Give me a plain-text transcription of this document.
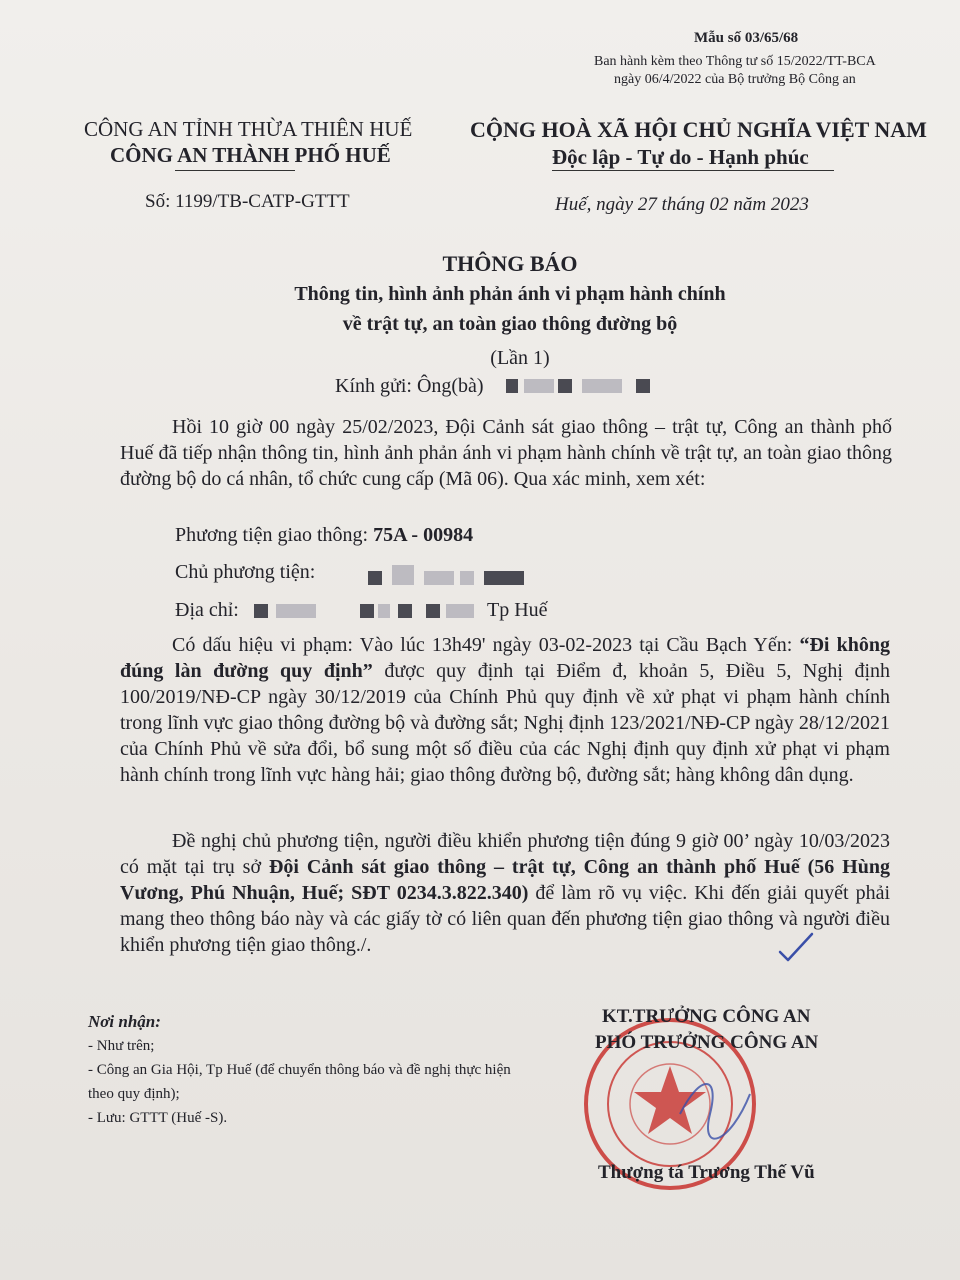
Mẫu số 03/65/68
Ban hành kèm theo Thông tư số 15/2022/TT-BCA
ngày 06/4/2022 của Bộ trưởng Bộ Công an
CÔNG AN TỈNH THỪA THIÊN HUẾ
CÔNG AN THÀNH PHỐ HUẾ
CỘNG HOÀ XÃ HỘI CHỦ NGHĨA VIỆT NAM
Độc lập - Tự do - Hạnh phúc
Số: 1199/TB-CATP-GTTT	Huế, ngày 27 tháng 02 năm 2023
THÔNG BÁO
Thông tin, hình ảnh phản ánh vi phạm hành chính
về trật tự, an toàn giao thông đường bộ
(Lần 1)
Kính gửi: Ông(bà)
Hồi 10 giờ 00 ngày 25/02/2023, Đội Cảnh sát giao thông – trật tự, Công an thành phố Huế đã tiếp nhận thông tin, hình ảnh phản ánh vi phạm hành chính về trật tự, an toàn giao thông đường bộ do cá nhân, tổ chức cung cấp (Mã 06). Qua xác minh, xem xét:
Phương tiện giao thông: 75A - 00984
Chủ phương tiện:
Địa chỉ:	Tp Huế
Có dấu hiệu vi phạm: Vào lúc 13h49' ngày 03-02-2023 tại Cầu Bạch Yến: “Đi không đúng làn đường quy định” được quy định tại Điểm đ, khoản 5, Điều 5, Nghị định 100/2019/NĐ-CP ngày 30/12/2019 của Chính Phủ quy định về xử phạt vi phạm hành chính trong lĩnh vực giao thông đường bộ và đường sắt; Nghị định 123/2021/NĐ-CP ngày 28/12/2021 của Chính Phủ về sửa đổi, bổ sung một số điều của các Nghị định quy định xử phạt vi phạm hành chính trong lĩnh vực hàng hải; giao thông đường bộ, đường sắt; hàng không dân dụng.
Đề nghị chủ phương tiện, người điều khiển phương tiện đúng 9 giờ 00’ ngày 10/03/2023 có mặt tại trụ sở Đội Cảnh sát giao thông – trật tự, Công an thành phố Huế (56 Hùng Vương, Phú Nhuận, Huế; SĐT 0234.3.822.340) để làm rõ vụ việc. Khi đến giải quyết phải mang theo thông báo này và các giấy tờ có liên quan đến phương tiện giao thông và người điều khiển phương tiện giao thông./.
Nơi nhận:
- Như trên;
- Công an Gia Hội, Tp Huế (để chuyển thông báo và đề nghị thực hiện theo quy định);
- Lưu: GTTT (Huế -S).
KT.TRƯỞNG CÔNG AN
PHÓ TRƯỞNG CÔNG AN
Thượng tá Trương Thế Vũ
